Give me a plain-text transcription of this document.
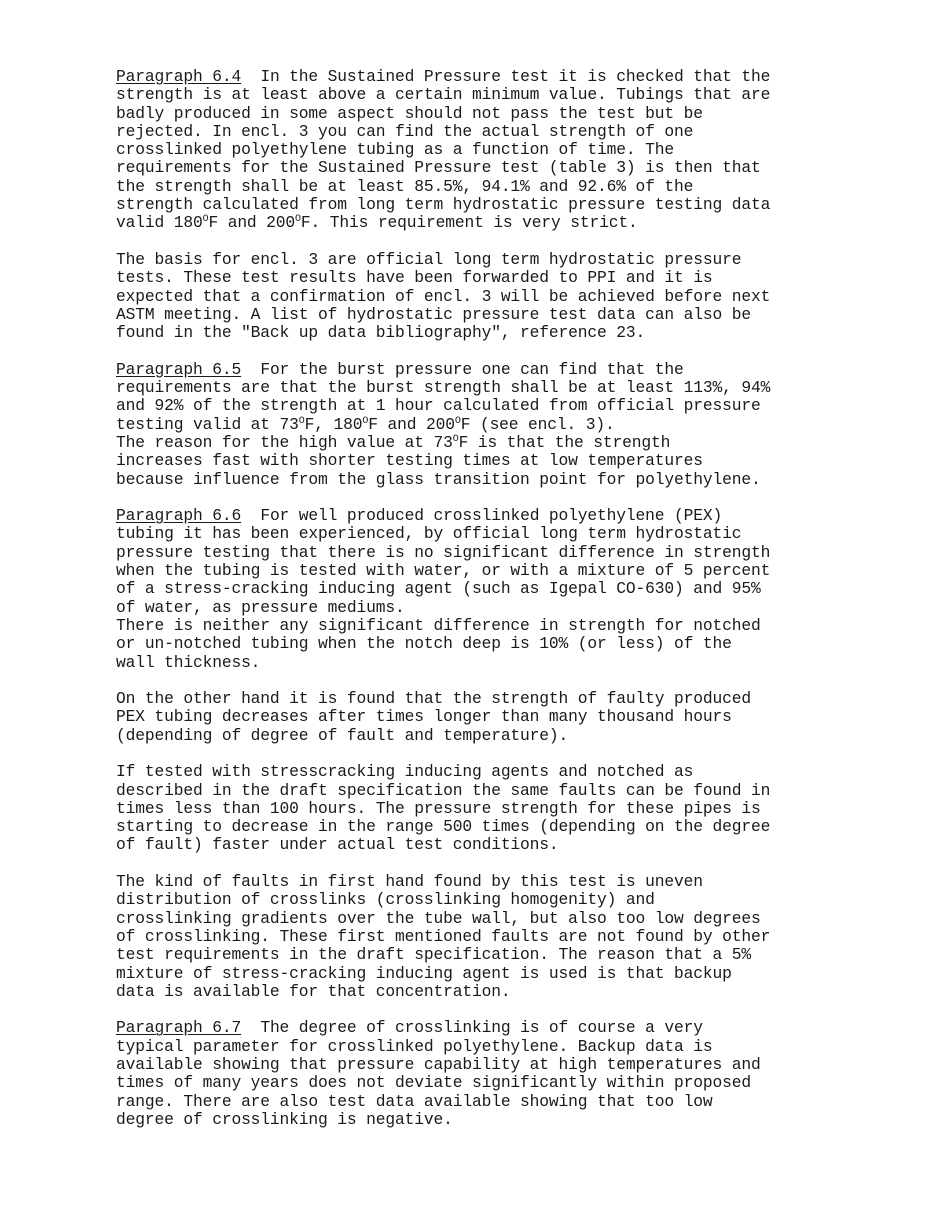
Paragraph 6.4  In the Sustained Pressure test it is checked that the
strength is at least above a certain minimum value. Tubings that are
badly produced in some aspect should not pass the test but be
rejected. In encl. 3 you can find the actual strength of one
crosslinked polyethylene tubing as a function of time. The
requirements for the Sustained Pressure test (table 3) is then that
the strength shall be at least 85.5%, 94.1% and 92.6% of the
strength calculated from long term hydrostatic pressure testing data
valid $180^OF$ and $200^OF$. This requirement is very strict.
The basis for encl. 3 are official long term hydrostatic pressure
tests. These test results have been forwarded to PPI and it is
expected that a confirmation of encl. 3 will be achieved before next
ASTM meeting. A list of hydrostatic pressure test data can also be
found in the "Back up data bibliography", reference 23.
Paragraph 6.5  For the burst pressure one can find that the
requirements are that the burst strength shall be at least 113%, 94%
and 92% of the strength at 1 hour calculated from official pressure
testing valid at $73^OF$, $180^OF$ and $200^OF$ (see encl. 3).
The reason for the high value at $73^OF$ is that the strength
increases fast with shorter testing times at low temperatures
because influence from the glass transition point for polyethylene.
Paragraph 6.6  For well produced crosslinked polyethylene (PEX)
tubing it has been experienced, by official long term hydrostatic
pressure testing that there is no significant difference in strength
when the tubing is tested with water, or with a mixture of 5 percent
of a stress-cracking inducing agent (such as Igepal CO-630) and 95%
of water, as pressure mediums.
There is neither any significant difference in strength for notched
or un-notched tubing when the notch deep is 10% (or less) of the
wall thickness.
On the other hand it is found that the strength of faulty produced
PEX tubing decreases after times longer than many thousand hours
(depending of degree of fault and temperature).
If tested with stresscracking inducing agents and notched as
described in the draft specification the same faults can be found in
times less than 100 hours. The pressure strength for these pipes is
starting to decrease in the range 500 times (depending on the degree
of fault) faster under actual test conditions.
The kind of faults in first hand found by this test is uneven
distribution of crosslinks (crosslinking homogenity) and
crosslinking gradients over the tube wall, but also too low degrees
of crosslinking. These first mentioned faults are not found by other
test requirements in the draft specification. The reason that a 5%
mixture of stress-cracking inducing agent is used is that backup
data is available for that concentration.
Paragraph 6.7  The degree of crosslinking is of course a very
typical parameter for crosslinked polyethylene. Backup data is
available showing that pressure capability at high temperatures and
times of many years does not deviate significantly within proposed
range. There are also test data available showing that too low
degree of crosslinking is negative.
